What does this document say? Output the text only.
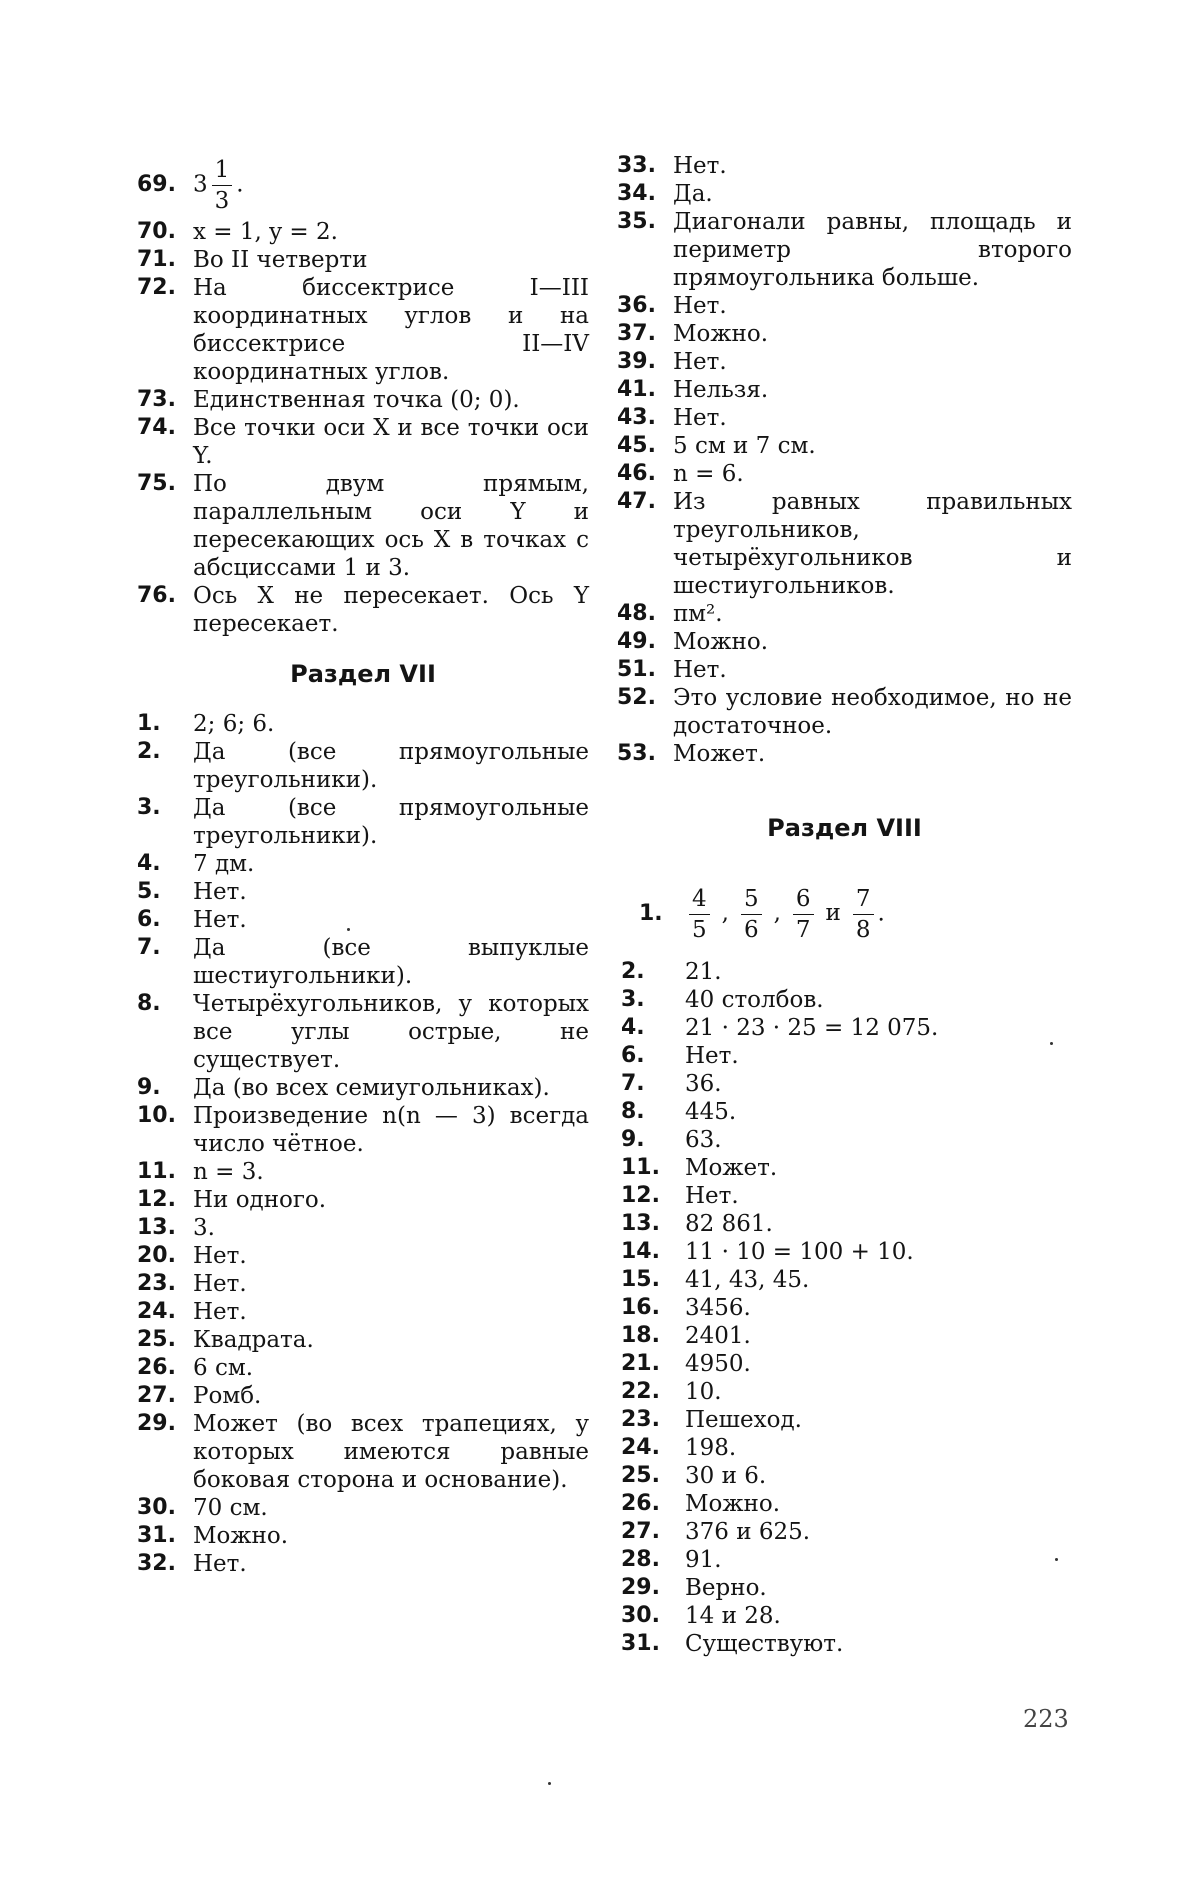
69. 3
1
3
.
70. x = 1, y = 2.
71. Во II четверти
72. На биссектрисе I—III координатных углов и на биссектрисе II—IV координатных углов.
73. Единственная точка (0; 0).
74. Все точки оси X и все точки оси Y.
75. По двум прямым, параллельным оси Y и пересекающих ось X в точках с абсциссами 1 и 3.
76. Ось X не пересекает. Ось Y пересекает.
Раздел VII
1.	2; 6; 6.
2.	Да (все прямоугольные треугольники).
3.	Да (все прямоугольные треугольники).
4.	7 дм.
5.	Нет.
6.	Нет.
7.	Да (все выпуклые шестиугольники).
8.	Четырёхугольников, у которых все углы острые, не существует.
9.	Да (во всех семиугольниках).
10. Произведение n(n — 3) всегда число чётное.
11. n = 3.
12. Ни одного.
13. 3.
20. Нет.
23. Нет.
24. Нет.
25. Квадрата.
26. 6 см.
27. Ромб.
29. Может (во всех трапециях, у которых имеются равные боковая сторона и основание).
30. 70 см.
31. Можно.
32. Нет.
33. Нет.
34. Да.
35. Диагонали равны, площадь и периметр второго прямоугольника больше.
36. Нет.
37. Можно.
39. Нет.
41. Нельзя.
43. Нет.
45. 5 см и 7 см.
46. n = 6.
47. Из равных правильных треугольников, четырёхугольников и шестиугольников.
48. πм².
49. Можно.
51. Нет.
52. Это условие необходимое, но не достаточное.
53. Может.
Раздел VIII
1.
4
5
,
5
6
,
6
7
и
7
8
.
2.	21.
3.	40 столбов.
4.	21 · 23 · 25 = 12 075.
6.	Нет.
7.	36.
8.	445.
9.	63.
11.	Может.
12.	Нет.
13.	82 861.
14.	11 · 10 = 100 + 10.
15.	41, 43, 45.
16.	3456.
18.	2401.
21.	4950.
22.	10.
23.	Пешеход.
24.	198.
25.	30 и 6.
26.	Можно.
27.	376 и 625.
28.	91.
29.	Верно.
30.	14 и 28.
31.	Существуют.
223
